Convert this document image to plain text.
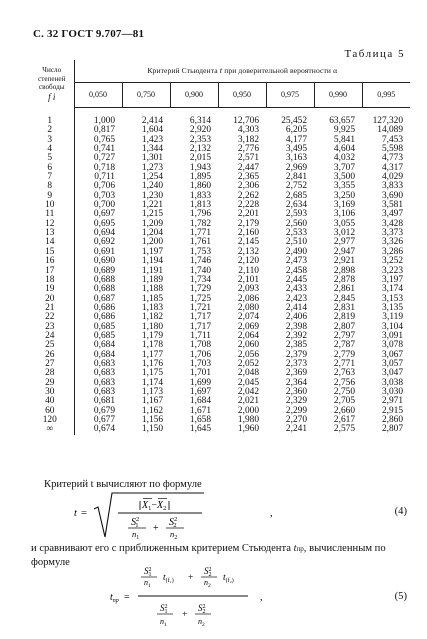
С. 32 ГОСТ 9.707—81
Таблица 5
Число степеней свободы
f i	Критерий Стьюдента t при доверительной вероятности α						
	0,050	0,750	0,900	0,950	0,975	0,990	0,995

1	1,000	2,414	6,314	12,706	25,452	63,657	127,320
2	0,817	1,604	2,920	4,303	6,205	9,925	14,089
3	0,765	1,423	2,353	3,182	4,177	5,841	7,453
4	0,741	1,344	2,132	2,776	3,495	4,604	5,598
5	0,727	1,301	2,015	2,571	3,163	4,032	4,773
6	0,718	1,273	1,943	2,447	2,969	3,707	4,317
7	0,711	1,254	1,895	2,365	2,841	3,500	4,029
8	0,706	1,240	1,860	2,306	2,752	3,355	3,833
9	0,703	1,230	1,833	2,262	2,685	3,250	3,690
10	0,700	1,221	1,813	2,228	2,634	3,169	3,581
11	0,697	1,215	1,796	2,201	2,593	3,106	3,497
12	0,695	1,209	1,782	2,179	2,560	3,055	3,428
13	0,694	1,204	1,771	2,160	2,533	3,012	3,373
14	0,692	1,200	1,761	2,145	2,510	2,977	3,326
15	0,691	1,197	1,753	2,132	2,490	2,947	3,286
16	0,690	1,194	1,746	2,120	2,473	2,921	3,252
17	0,689	1,191	1,740	2,110	2,458	2,898	3,223
18	0,688	1,189	1,734	2,101	2,445	2,878	3,197
19	0,688	1,188	1,729	2,093	2,433	2,861	3,174
20	0,687	1,185	1,725	2,086	2,423	2,845	3,153
21	0,686	1,183	1,721	2,080	2,414	2,831	3,135
22	0,686	1,182	1,717	2,074	2,406	2,819	3,119
23	0,685	1,180	1,717	2,069	2,398	2,807	3,104
24	0,685	1,179	1,711	2,064	2,392	2,797	3,091
25	0,684	1,178	1,708	2,060	2,385	2,787	3,078
26	0,684	1,177	1,706	2,056	2,379	2,779	3,067
27	0,683	1,176	1,703	2,052	2,373	2,771	3,057
28	0,683	1,175	1,701	2,048	2,369	2,763	3,047
29	0,683	1,174	1,699	2,045	2,364	2,756	3,038
30	0,683	1,173	1,697	2,042	2,360	2,750	3,030
40	0,681	1,167	1,684	2,021	2,329	2,705	2,971
60	0,679	1,162	1,671	2,000	2,299	2,660	2,915
120	0,677	1,156	1,658	1,980	2,270	2,617	2,860
∞	0,674	1,150	1,645	1,960	2,241	2,575	2,807
Критерий t вычисляют по формуле
t =
$X_1-X_2$
$S^2$ 1
$n_1$
+
$S^2$ 2
$n_2$
,	(4)
и сравнивают его с приближенным критерием Стьюдента tпр, вычисленным по формуле
$t_{пр}$ =
$S^2$ 1
$n_1$
$t_{(f_1)}$ +
$S^2$ 2
$n_2$
$t_{(f_2)}$
$S^2$ 1
$n_1$
+
$S^2$ 2
$n_2$
,	(5)
